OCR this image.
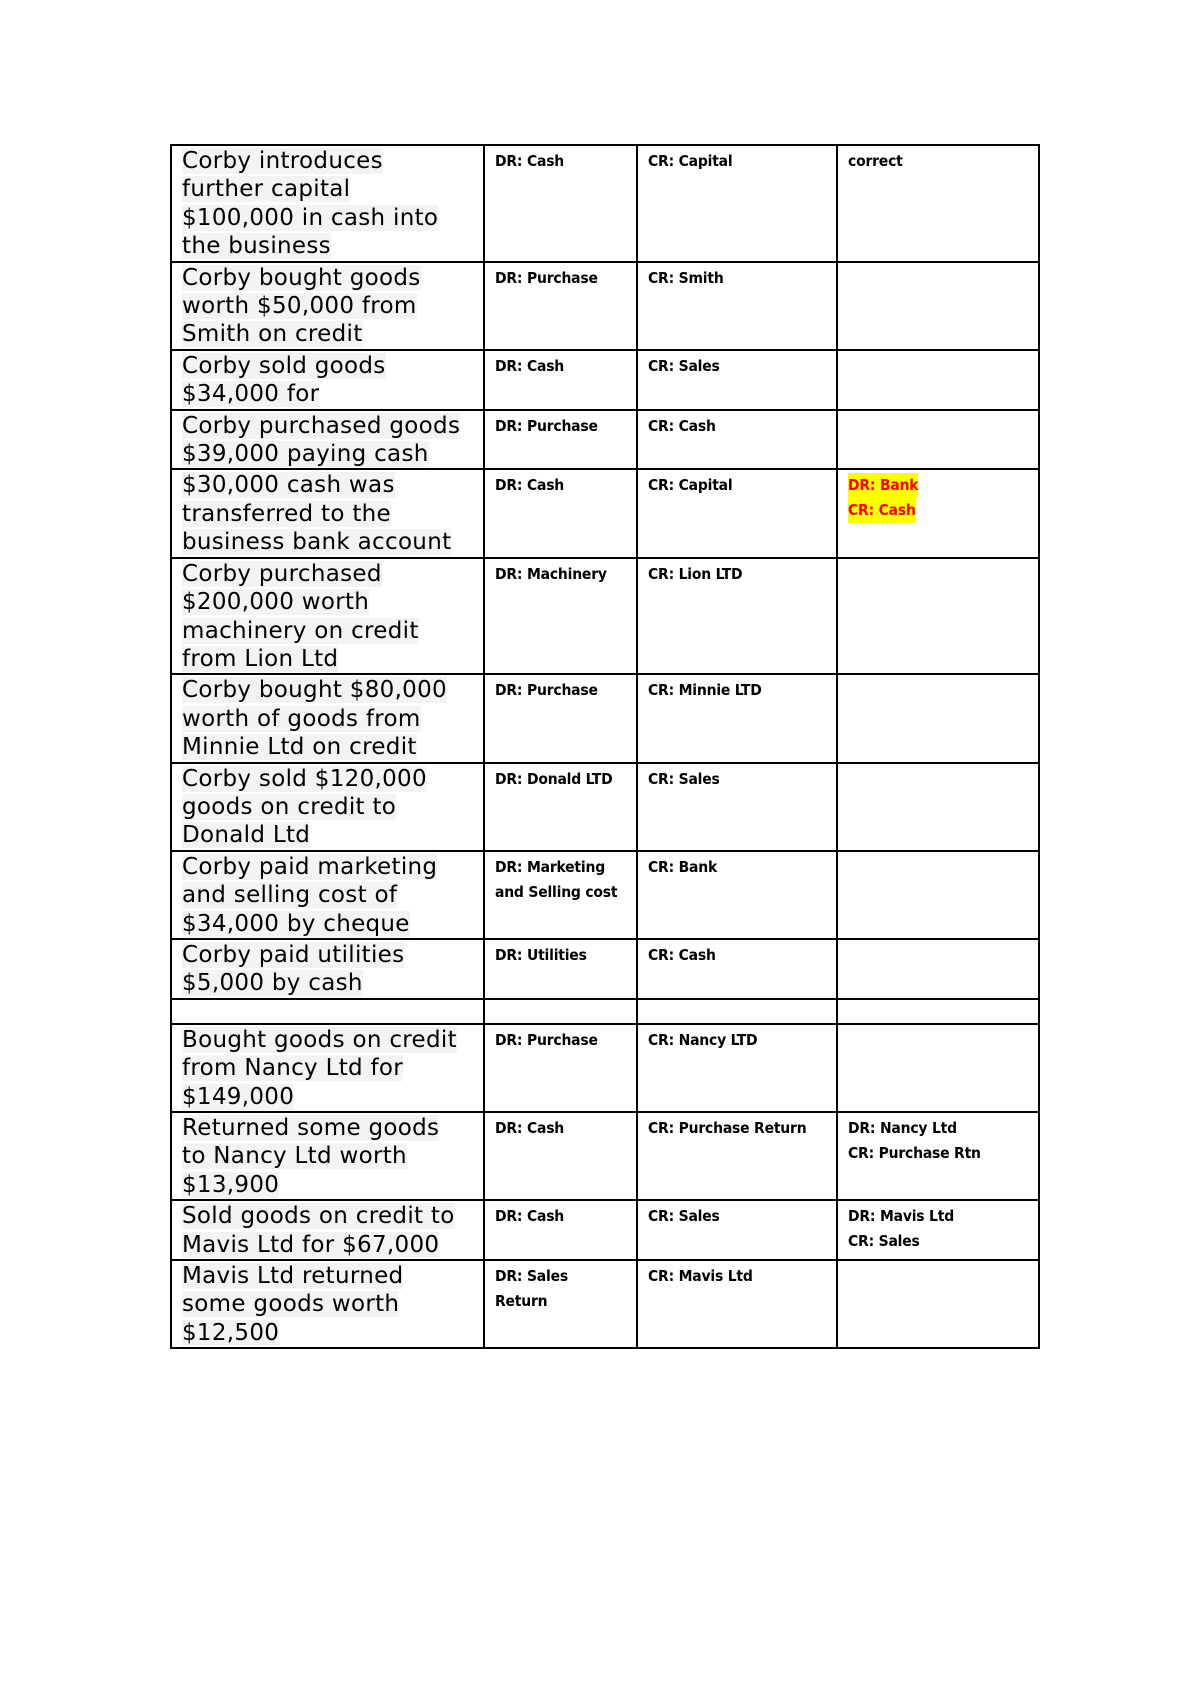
Corby introduces
further capital
$100,000 in cash into
the business	DR: Cash	CR: Capital	correct

Corby bought goods
worth $50,000 from
Smith on credit	DR: Purchase	CR: Smith	

Corby sold goods
$34,000 for	DR: Cash	CR: Sales	

Corby purchased goods
$39,000 paying cash	DR: Purchase	CR: Cash	

$30,000 cash was
transferred to the
business bank account	DR: Cash	CR: Capital	DR: Bank
CR: Cash

Corby purchased
$200,000 worth
machinery on credit
from Lion Ltd	DR: Machinery	CR: Lion LTD	

Corby bought $80,000
worth of goods from
Minnie Ltd on credit	DR: Purchase	CR: Minnie LTD	

Corby sold $120,000
goods on credit to
Donald Ltd	DR: Donald LTD	CR: Sales	

Corby paid marketing
and selling cost of
$34,000 by cheque	DR: Marketing
and Selling cost	CR: Bank	

Corby paid utilities
$5,000 by cash	DR: Utilities	CR: Cash	

Bought goods on credit
from Nancy Ltd for
$149,000	DR: Purchase	CR: Nancy LTD	

Returned some goods
to Nancy Ltd worth
$13,900	DR: Cash	CR: Purchase Return	DR: Nancy Ltd
CR: Purchase Rtn

Sold goods on credit to
Mavis Ltd for $67,000	DR: Cash	CR: Sales	DR: Mavis Ltd
CR: Sales

Mavis Ltd returned
some goods worth
$12,500	DR: Sales
Return	CR: Mavis Ltd	
